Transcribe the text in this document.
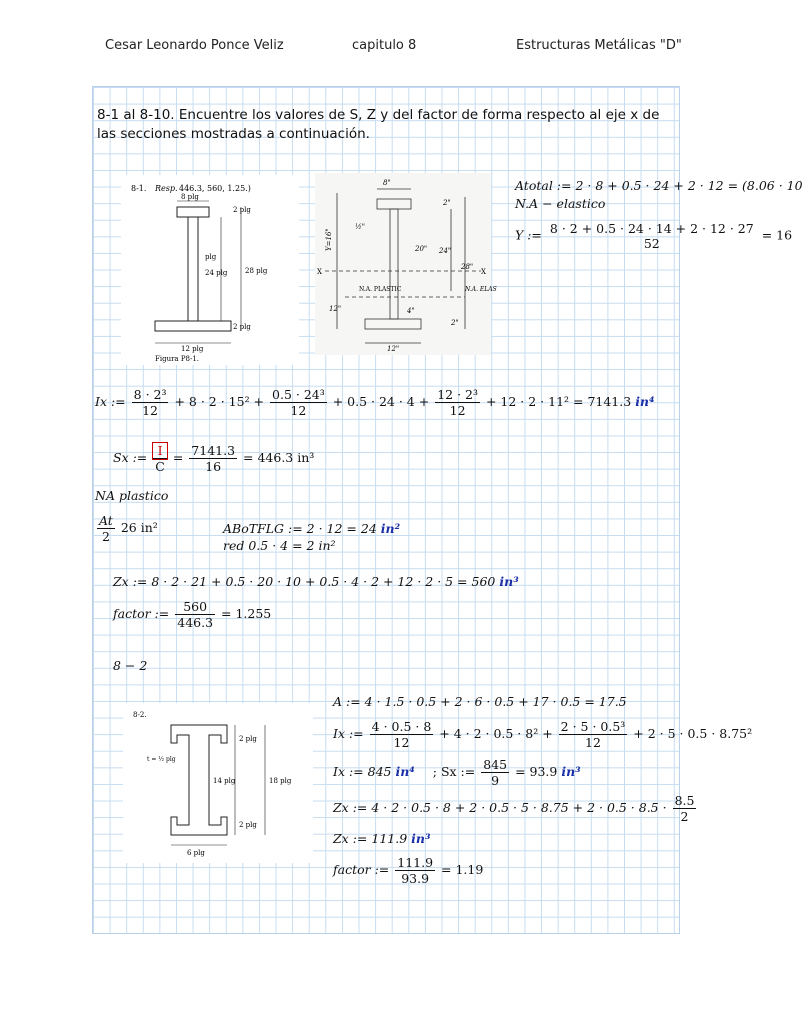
Cesar Leonardo Ponce Veliz	capitulo 8	Estructuras Metálicas "D"
8-1 al 8-10. Encuentre los valores de S, Z y del factor de forma respecto al eje x de las secciones mostradas a continuación.
8-1. Resp. 446.3, 560, 1.25.)
8 plg
2 plg
plg
24 plg	28 plg
12 plg
2 plg
Figura P8-1.
8"
2"
½"
Y=16"	20" 24"
28"
X	X
N.A. PLASTIC	N.A. ELAS
4"
12"
2"
12"
Atotal := 2 · 8 + 0.5 · 24 + 2 · 12 = (8.06 · 10
N.A − elastico
Y := 8 · 2 + 0.5 · 24 · 14 + 2 · 12 · 27
52
= 16
Ix := $\frac{\text{8 · 2³}}{12} + 8 \cdot 2 \cdot 15^2 + \frac{\text{0.5 · 24³}}{12} + 0.5 \cdot 24 \cdot 4 + \frac{\text{12 · 2³}}{12} + 12 \cdot 2 \cdot 11^2 = 7141.3$ in⁴
Sx := $\frac{I}{C} = \frac{7141.3}{16} = 446.3$ in³
NA plastico
$\frac{At}{2} 26$ in²	ABoTFLG := 2 · 12 = 24 in²
red 0.5 · 4 = 2 in²
Zx := 8 · 2 · 21 + 0.5 · 20 · 10 + 0.5 · 4 · 2 + 12 · 2 · 5 = 560 in³
factor := $\frac{560}{446.3} = 1.255$
8 − 2
8-2.
t = ½ plg
2 plg
18 plg
14 plg
2 plg
6 plg
A := 4 · 1.5 · 0.5 + 2 · 6 · 0.5 + 17 · 0.5 = 17.5
Ix := $\frac{4 \cdot 0.5 \cdot 8}{12} + 4 \cdot 2 \cdot 0.5 \cdot 8^2 + \frac{\text{2 · 5 · 0.5³}}{12} + 2 \cdot 5 \cdot 0.5 \cdot 8.75^2$
Ix := 845 in⁴ ; Sx := $\frac{845}{9} = 93.9$ in³
Zx := $4 \cdot 2 \cdot 0.5 \cdot 8 + 2 \cdot 0.5 \cdot 5 \cdot 8.75 + 2 \cdot 0.5 \cdot 8.5 \cdot \frac{8.5}{2}$
Zx := 111.9 in³
factor := $\frac{111.9}{93.9} = 1.19$
